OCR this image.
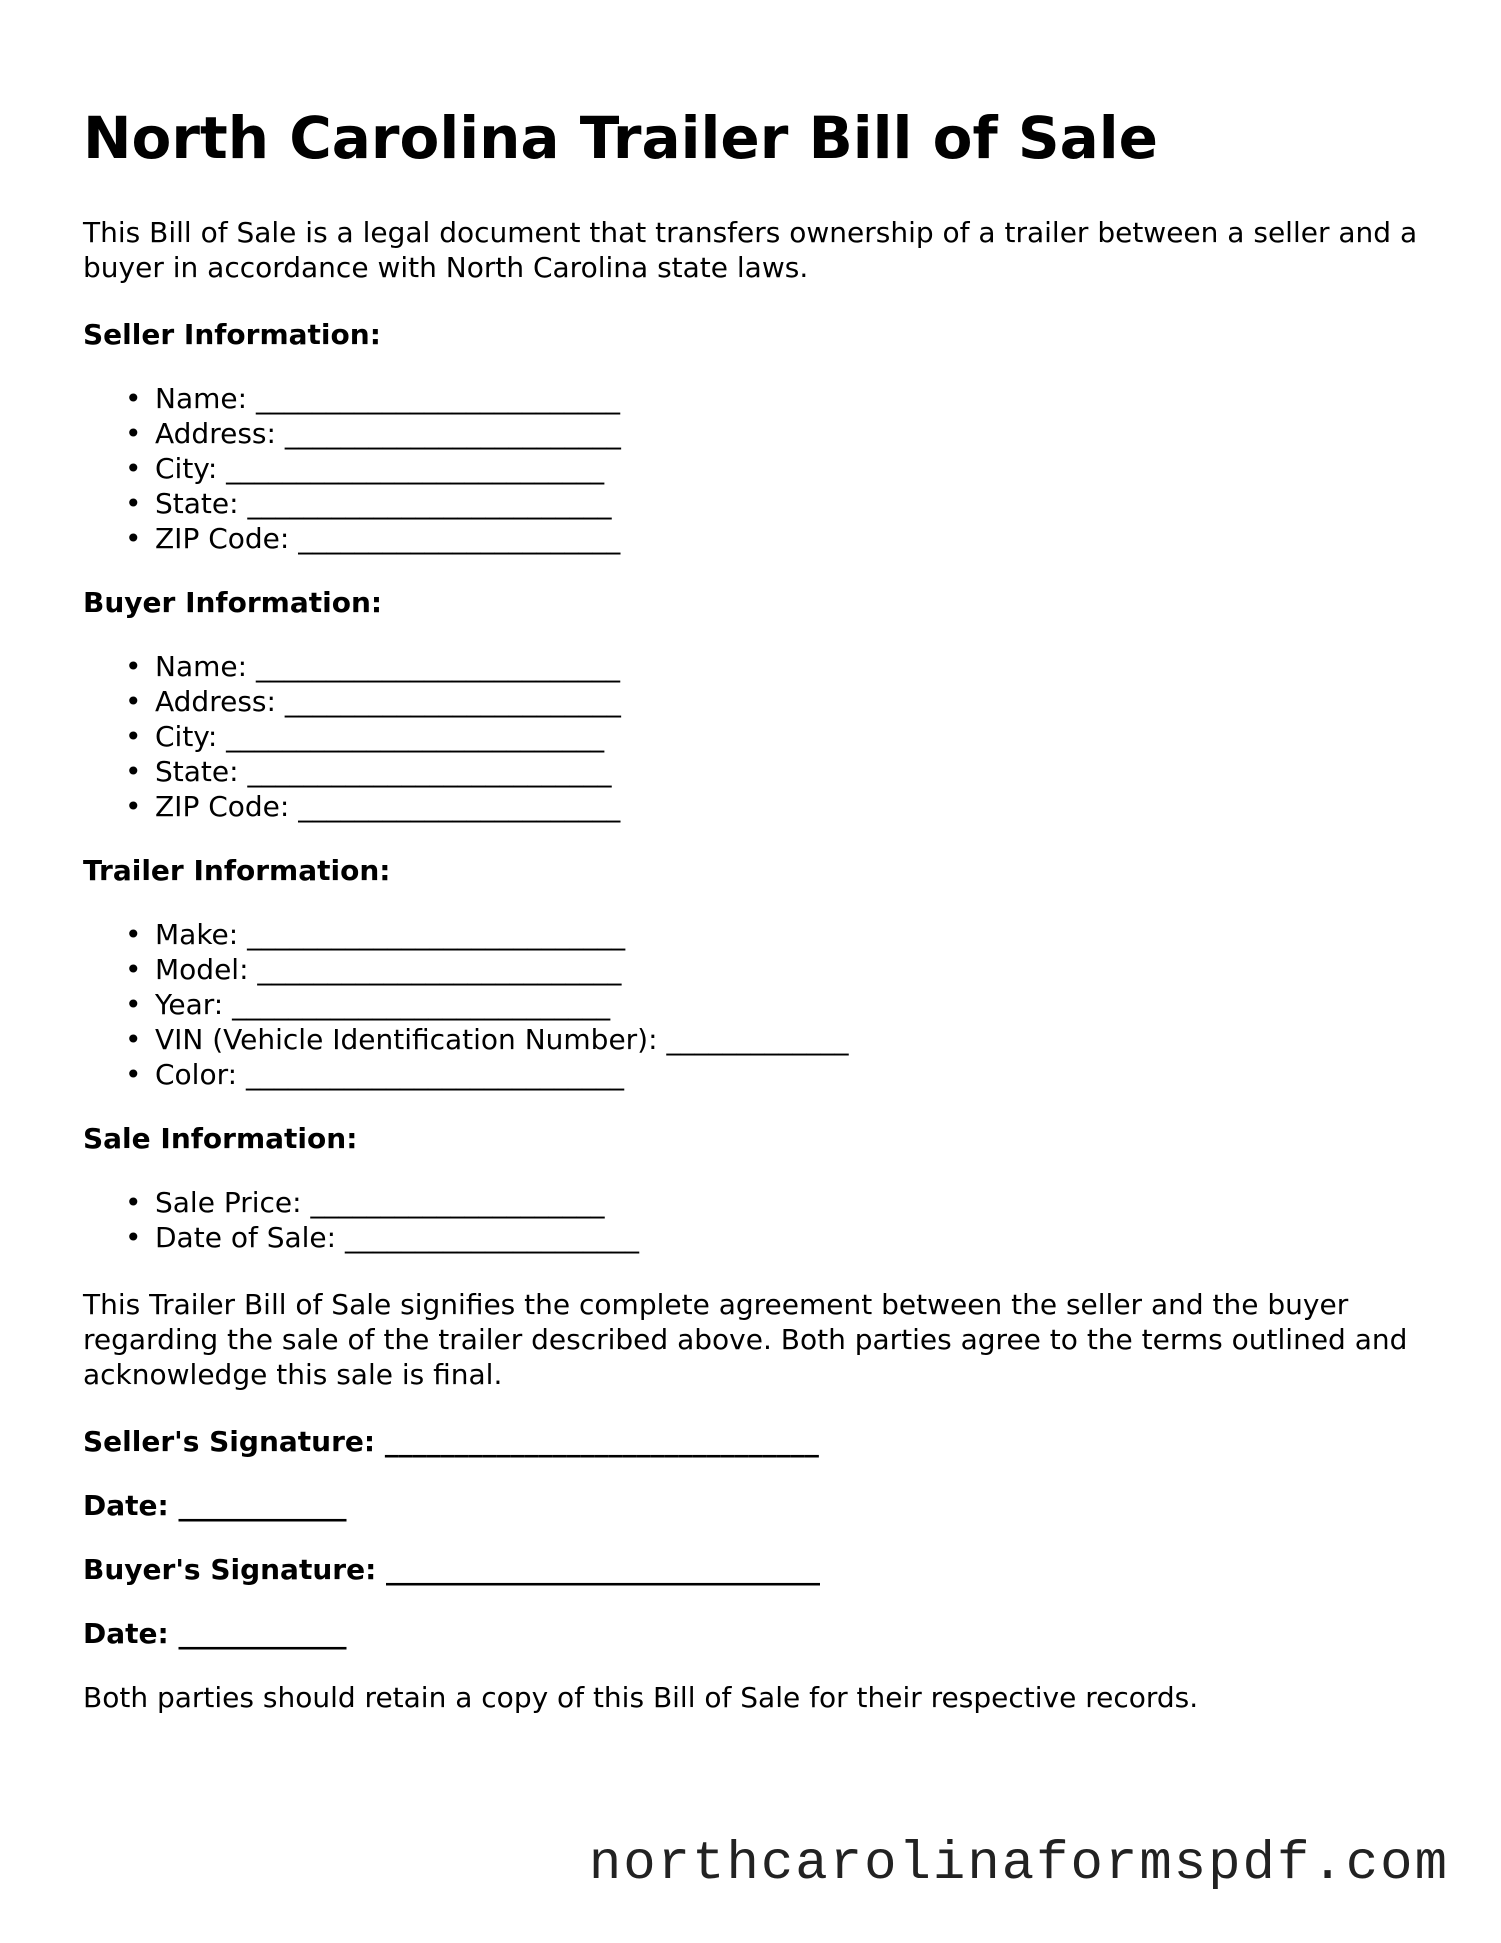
North Carolina Trailer Bill of Sale

This Bill of Sale is a legal document that transfers ownership of a trailer between a seller and a buyer in accordance with North Carolina state laws.

Seller Information:
• Name: __________________________
• Address: ________________________
• City: ___________________________
• State: __________________________
• ZIP Code: _______________________
Buyer Information:
• Name: __________________________
• Address: ________________________
• City: ___________________________
• State: __________________________
• ZIP Code: _______________________
Trailer Information:
• Make: ___________________________
• Model: __________________________
• Year: ___________________________
• VIN (Vehicle Identification Number): _____________
• Color: ___________________________
Sale Information:
• Sale Price: _____________________
• Date of Sale: _____________________

This Trailer Bill of Sale signifies the complete agreement between the seller and the buyer regarding the sale of the trailer described above. Both parties agree to the terms outlined and acknowledge this sale is final.

Seller's Signature: _______________________________

Date: ____________

Buyer's Signature: _______________________________

Date: ____________

Both parties should retain a copy of this Bill of Sale for their respective records.

northcarolinaformspdf.com
